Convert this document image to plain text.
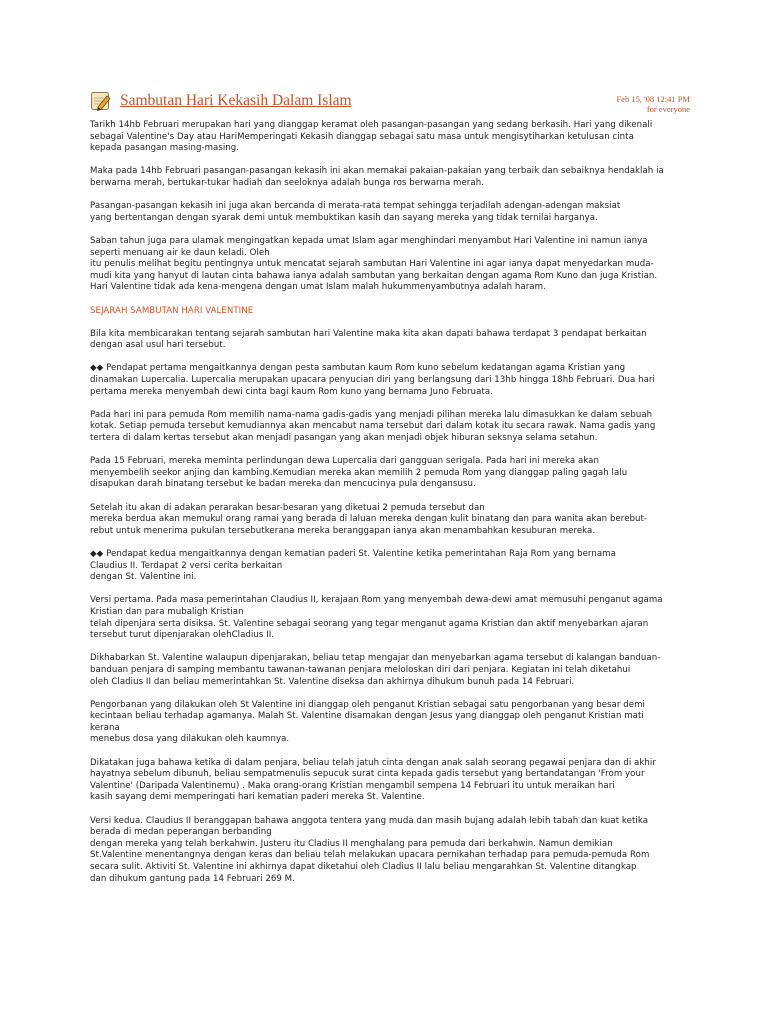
Sambutan Hari Kekasih Dalam Islam	Feb 15, '08 12:41 PM
for everyone
Tarikh 14hb Februari merupakan hari yang dianggap keramat oleh pasangan-pasangan yang sedang berkasih. Hari yang dikenali
sebagai Valentine's Day atau HariMemperingati Kekasih dianggap sebagai satu masa untuk mengisytiharkan ketulusan cinta
kepada pasangan masing-masing.
Maka pada 14hb Februari pasangan-pasangan kekasih ini akan memakai pakaian-pakaian yang terbaik dan sebaiknya hendaklah ia
berwarna merah, bertukar-tukar hadiah dan seeloknya adalah bunga ros berwarna merah.
Pasangan-pasangan kekasih ini juga akan bercanda di merata-rata tempat sehingga terjadilah adengan-adengan maksiat
yang bertentangan dengan syarak demi untuk membuktikan kasih dan sayang mereka yang tidak ternilai harganya.
Saban tahun juga para ulamak mengingatkan kepada umat Islam agar menghindari menyambut Hari Valentine ini namun ianya
seperti menuang air ke daun keladi. Oleh
itu penulis melihat begitu pentingnya untuk mencatat sejarah sambutan Hari Valentine ini agar ianya dapat menyedarkan muda-
mudi kita yang hanyut di lautan cinta bahawa ianya adalah sambutan yang berkaitan dengan agama Rom Kuno dan juga Kristian.
Hari Valentine tidak ada kena-mengena dengan umat Islam malah hukummenyambutnya adalah haram.
SEJARAH SAMBUTAN HARI VALENTINE
Bila kita membicarakan tentang sejarah sambutan hari Valentine maka kita akan dapati bahawa terdapat 3 pendapat berkaitan
dengan asal usul hari tersebut.
◆◆ Pendapat pertama mengaitkannya dengan pesta sambutan kaum Rom kuno sebelum kedatangan agama Kristian yang
dinamakan Lupercalia. Lupercalia merupakan upacara penyucian diri yang berlangsung dari 13hb hingga 18hb Februari. Dua hari
pertama mereka menyembah dewi cinta bagi kaum Rom kuno yang bernama Juno Februata.
Pada hari ini para pemuda Rom memilih nama-nama gadis-gadis yang menjadi pilihan mereka lalu dimasukkan ke dalam sebuah
kotak. Setiap pemuda tersebut kemudiannya akan mencabut nama tersebut dari dalam kotak itu secara rawak. Nama gadis yang
tertera di dalam kertas tersebut akan menjadi pasangan yang akan menjadi objek hiburan seksnya selama setahun.
Pada 15 Februari, mereka meminta perlindungan dewa Lupercalia dari gangguan serigala. Pada hari ini mereka akan
menyembelih seekor anjing dan kambing.Kemudian mereka akan memilih 2 pemuda Rom yang dianggap paling gagah lalu
disapukan darah binatang tersebut ke badan mereka dan mencucinya pula dengansusu.
Setelah itu akan di adakan perarakan besar-besaran yang diketuai 2 pemuda tersebut dan
mereka berdua akan memukul orang ramai yang berada di laluan mereka dengan kulit binatang dan para wanita akan berebut-
rebut untuk menerima pukulan tersebutkerana mereka beranggapan ianya akan menambahkan kesuburan mereka.
◆◆ Pendapat kedua mengaitkannya dengan kematian paderi St. Valentine ketika pemerintahan Raja Rom yang bernama
Claudius II. Terdapat 2 versi cerita berkaitan
dengan St. Valentine ini.
Versi pertama. Pada masa pemerintahan Claudius II, kerajaan Rom yang menyembah dewa-dewi amat memusuhi penganut agama
Kristian dan para mubaligh Kristian
telah dipenjara serta disiksa. St. Valentine sebagai seorang yang tegar menganut agama Kristian dan aktif menyebarkan ajaran
tersebut turut dipenjarakan olehCladius II.
Dikhabarkan St. Valentine walaupun dipenjarakan, beliau tetap mengajar dan menyebarkan agama tersebut di kalangan banduan-
banduan penjara di samping membantu tawanan-tawanan penjara meloloskan diri dari penjara. Kegiatan ini telah diketahui
oleh Cladius II dan beliau memerintahkan St. Valentine diseksa dan akhirnya dihukum bunuh pada 14 Februari.
Pengorbanan yang dilakukan oleh St Valentine ini dianggap oleh penganut Kristian sebagai satu pengorbanan yang besar demi
kecintaan beliau terhadap agamanya. Malah St. Valentine disamakan dengan Jesus yang dianggap oleh penganut Kristian mati
kerana
menebus dosa yang dilakukan oleh kaumnya.
Dikatakan juga bahawa ketika di dalam penjara, beliau telah jatuh cinta dengan anak salah seorang pegawai penjara dan di akhir
hayatnya sebelum dibunuh, beliau sempatmenulis sepucuk surat cinta kepada gadis tersebut yang bertandatangan 'From your
Valentine' (Daripada Valentinemu) . Maka orang-orang Kristian mengambil sempena 14 Februari itu untuk meraikan hari
kasih sayang demi memperingati hari kematian paderi mereka St. Valentine.
Versi kedua. Claudius II beranggapan bahawa anggota tentera yang muda dan masih bujang adalah lebih tabah dan kuat ketika
berada di medan peperangan berbanding
dengan mereka yang telah berkahwin. Justeru itu Cladius II menghalang para pemuda dari berkahwin. Namun demikian
St.Valentine menentangnya dengan keras dan beliau telah melakukan upacara pernikahan terhadap para pemuda-pemuda Rom
secara sulit. Aktiviti St. Valentine ini akhirnya dapat diketahui oleh Cladius II lalu beliau mengarahkan St. Valentine ditangkap
dan dihukum gantung pada 14 Februari 269 M.
